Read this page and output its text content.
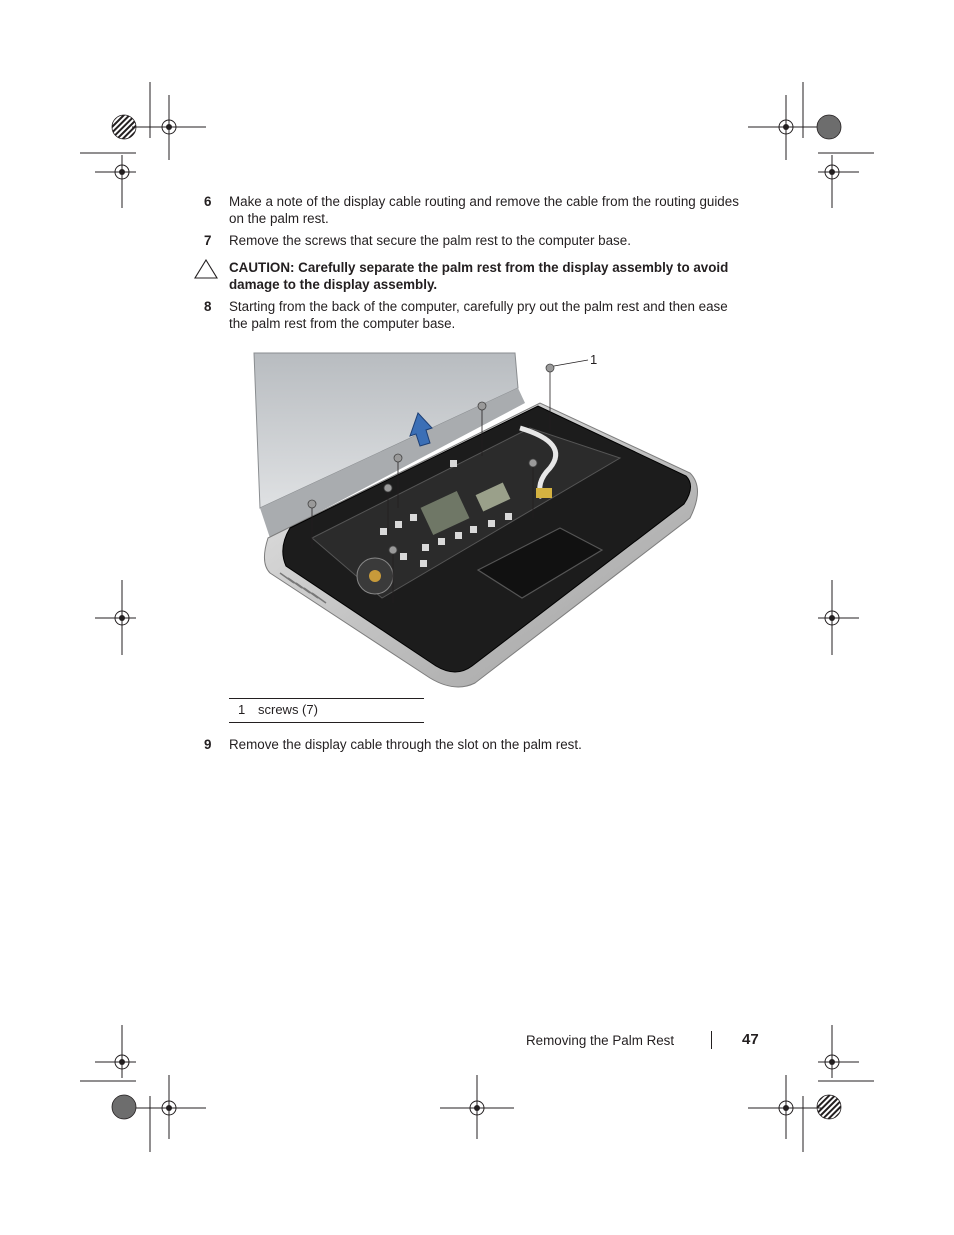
6 Make a note of the display cable routing and remove the cable from the routing guides on the palm rest.
7 Remove the screws that secure the palm rest to the computer base.
CAUTION: Carefully separate the palm rest from the display assembly to avoid damage to the display assembly.
8 Starting from the back of the computer, carefully pry out the palm rest and then ease the palm rest from the computer base.
1
1 screws (7)
9 Remove the display cable through the slot on the palm rest.
Removing the Palm Rest	47
